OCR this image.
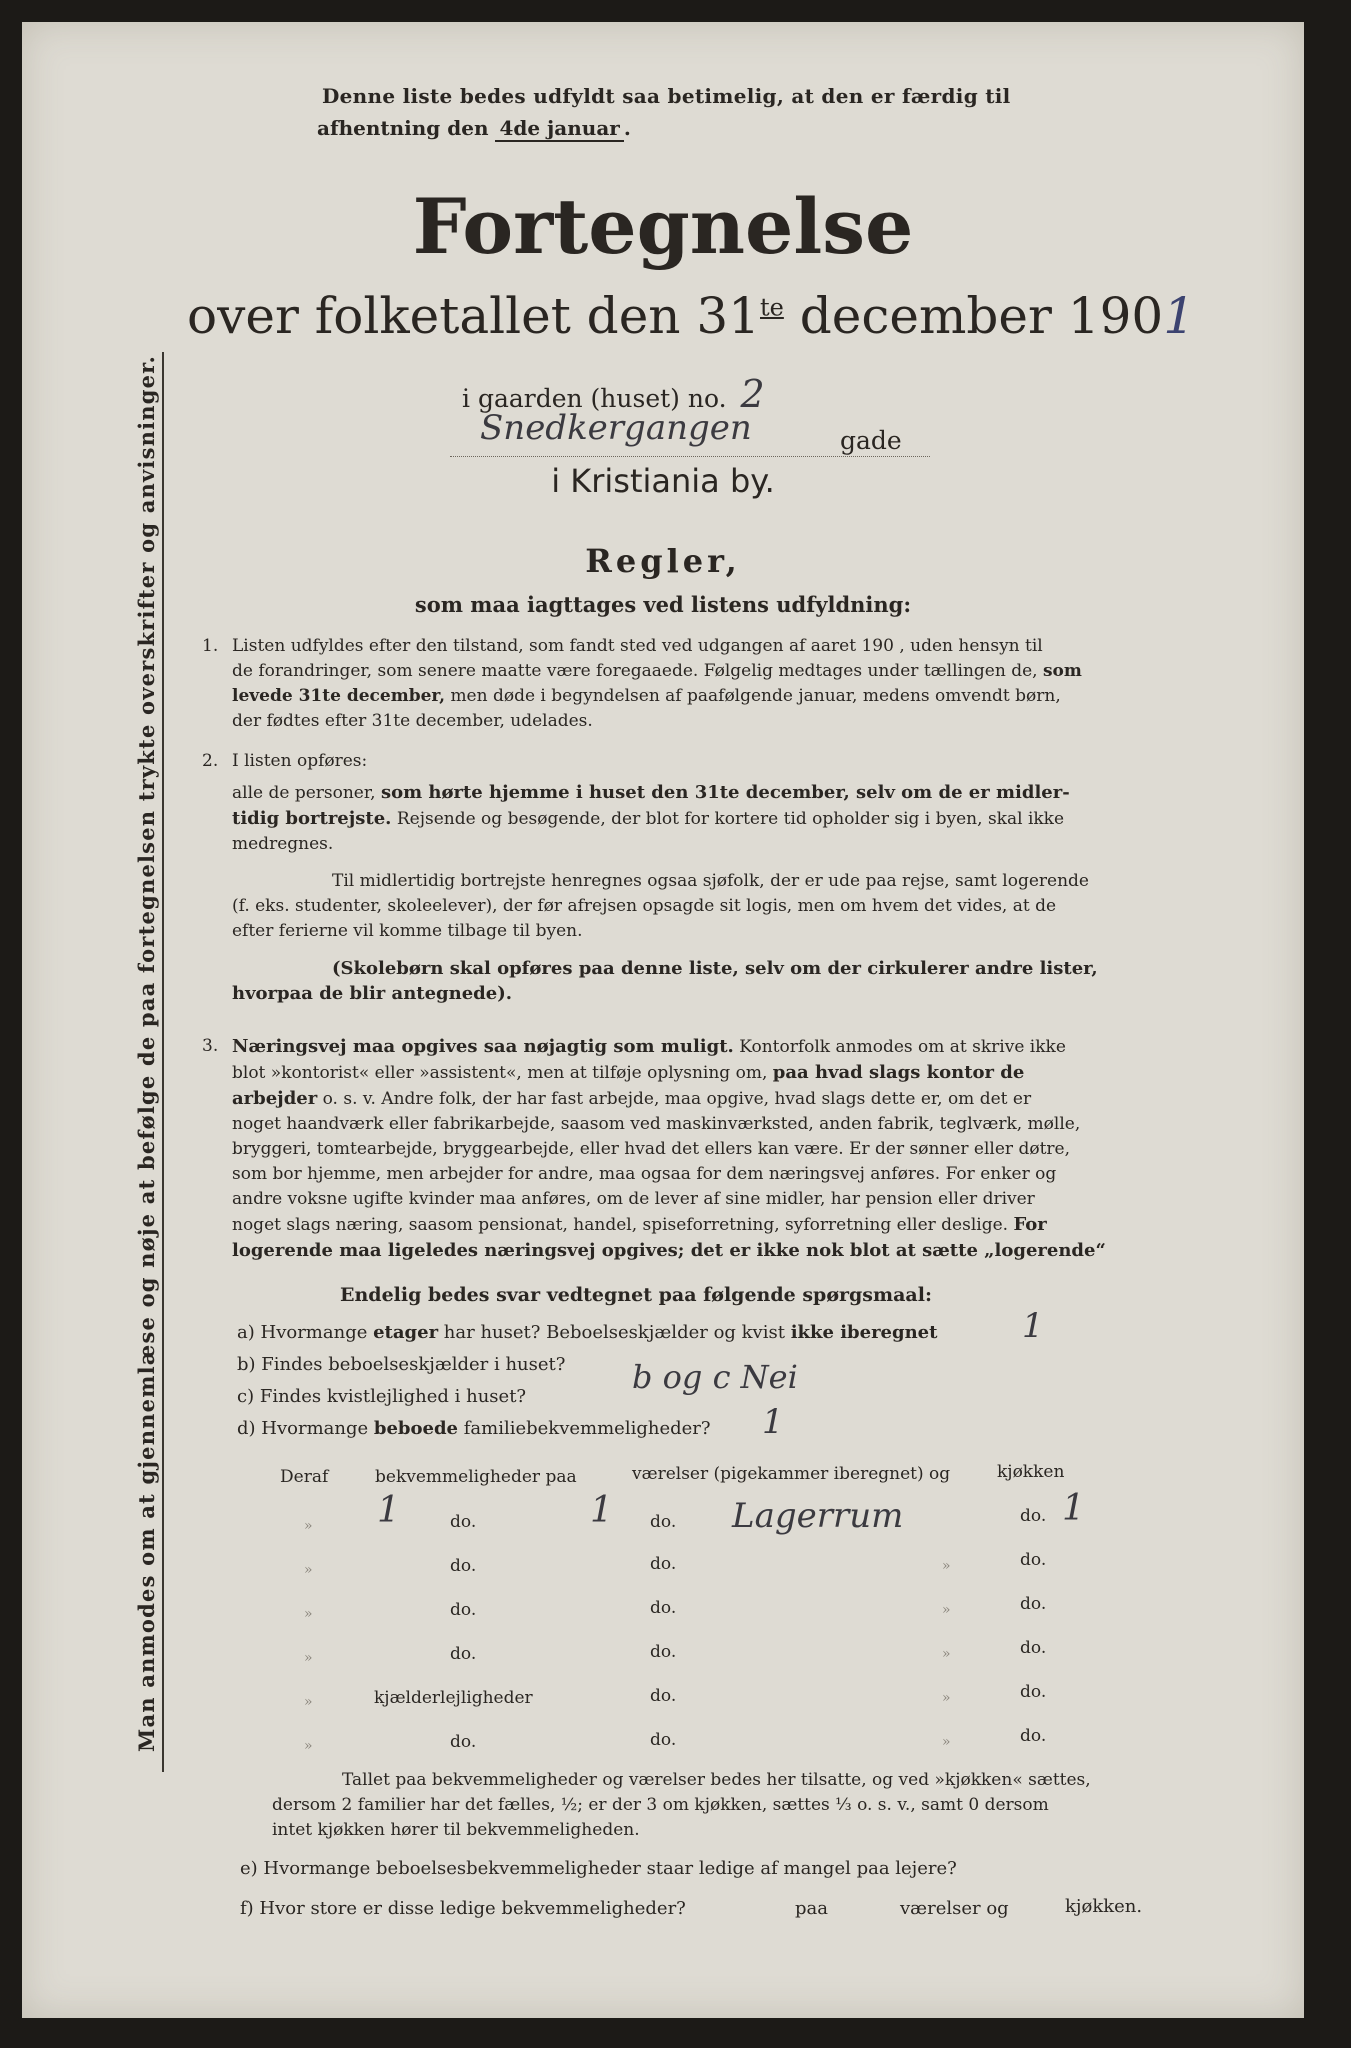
Denne liste bedes udfyldt saa betimelig, at den er færdig til
afhentning den 4de januar .
Fortegnelse
over folketallet den $31^{te}$ december 1901
i gaarden (huset) no. 2
Snedkergangen	gade
i Kristiania by.
Man anmodes om at gjennemlæse og nøje at befølge de paa fortegnelsen trykte overskrifter og anvisninger.	Regler,
som maa iagttages ved listens udfyldning:
1. Listen udfyldes efter den tilstand, som fandt sted ved udgangen af aaret 190 , uden hensyn til

de forandringer, som senere maatte være foregaaede. Følgelig medtages under tællingen de, som

levede 31te december, men døde i begyndelsen af paafølgende januar, medens omvendt børn,

der fødtes efter 31te december, udelades.

2. I listen opføres:

alle de personer, som hørte hjemme i huset den 31te december, selv om de er midler-

tidig bortrejste. Rejsende og besøgende, der blot for kortere tid opholder sig i byen, skal ikke

medregnes.

Til midlertidig bortrejste henregnes ogsaa sjøfolk, der er ude paa rejse, samt logerende

(f. eks. studenter, skoleelever), der før afrejsen opsagde sit logis, men om hvem det vides, at de

efter ferierne vil komme tilbage til byen.

(Skolebørn skal opføres paa denne liste, selv om der cirkulerer andre lister,

hvorpaa de blir antegnede).

3. Næringsvej maa opgives saa nøjagtig som muligt. Kontorfolk anmodes om at skrive ikke

blot »kontorist« eller »assistent«, men at tilføje oplysning om, paa hvad slags kontor de

arbejder o. s. v. Andre folk, der har fast arbejde, maa opgive, hvad slags dette er, om det er

noget haandværk eller fabrikarbejde, saasom ved maskinværksted, anden fabrik, teglværk, mølle,

bryggeri, tomtearbejde, bryggearbejde, eller hvad det ellers kan være. Er der sønner eller døtre,

som bor hjemme, men arbejder for andre, maa ogsaa for dem næringsvej anføres. For enker og

andre voksne ugifte kvinder maa anføres, om de lever af sine midler, har pension eller driver

noget slags næring, saasom pensionat, handel, spiseforretning, syforretning eller deslige. For

logerende maa ligeledes næringsvej opgives; det er ikke nok blot at sætte „logerende“

Endelig bedes svar vedtegnet paa følgende spørgsmaal:
a) Hvormange etager har huset? Beboelseskjælder og kvist ikke iberegnet 1
b) Findes beboelseskjælder i huset?
c) Findes kvistlejlighed i huset?
b og c Nei
d) Hvormange beboede familiebekvemmeligheder? 1
Deraf	bekvemmeligheder paa	værelser (pigekammer iberegnet) og	kjøkken
» 1	do.	1 do. Lagerrum	do. 1
»	do.	do.	»	do.
»	do.	do.	»	do.
»	do.	do.	»	do.
»	kjælderlejligheder	do.	»	do.
»	do.	do.	»	do.

Tallet paa bekvemmeligheder og værelser bedes her tilsatte, og ved »kjøkken« sættes,

dersom 2 familier har det fælles, ½; er der 3 om kjøkken, sættes ⅓ o. s. v., samt 0 dersom

intet kjøkken hører til bekvemmeligheden.

e) Hvormange beboelsesbekvemmeligheder staar ledige af mangel paa lejere?
f) Hvor store er disse ledige bekvemmeligheder?	paa	værelser og	kjøkken.
